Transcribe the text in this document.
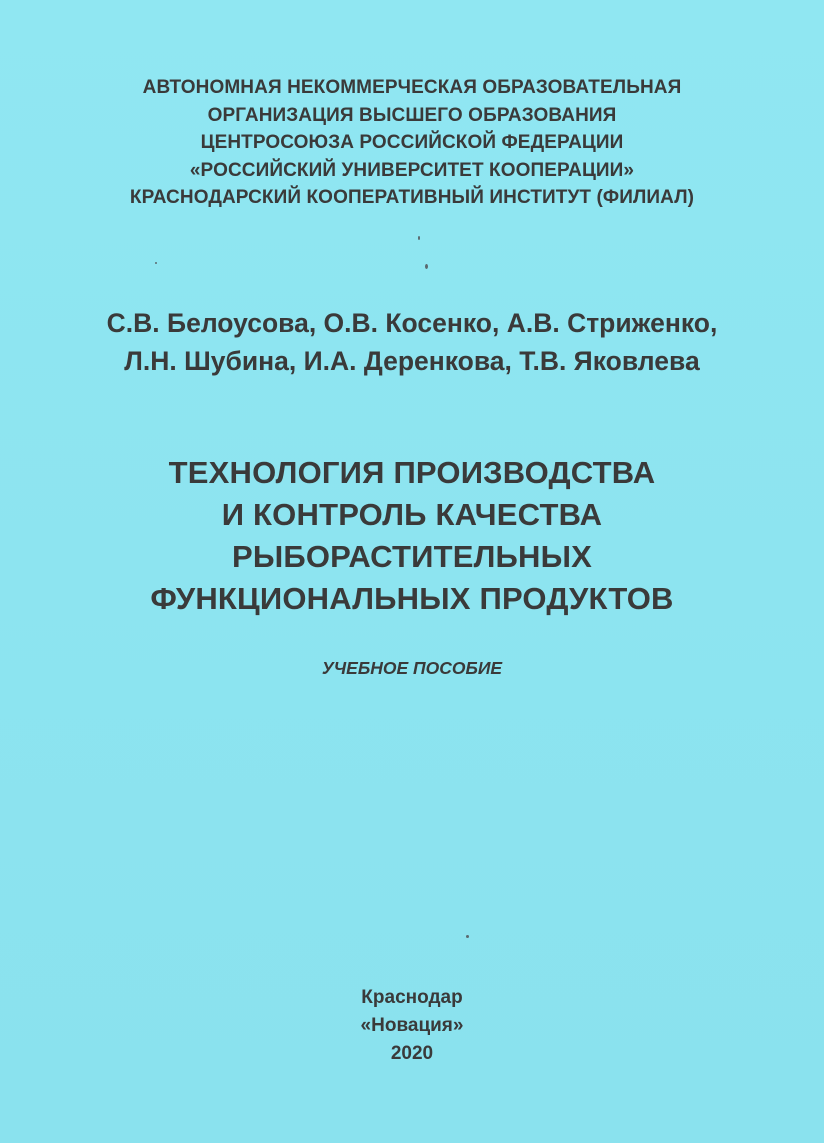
АВТОНОМНАЯ НЕКОММЕРЧЕСКАЯ ОБРАЗОВАТЕЛЬНАЯ
ОРГАНИЗАЦИЯ ВЫСШЕГО ОБРАЗОВАНИЯ
ЦЕНТРОСОЮЗА РОССИЙСКОЙ ФЕДЕРАЦИИ
«РОССИЙСКИЙ УНИВЕРСИТЕТ КООПЕРАЦИИ»
КРАСНОДАРСКИЙ КООПЕРАТИВНЫЙ ИНСТИТУТ (ФИЛИАЛ)
С.В. Белоусова, О.В. Косенко, А.В. Стриженко,
Л.Н. Шубина, И.А. Деренкова, Т.В. Яковлева
ТЕХНОЛОГИЯ ПРОИЗВОДСТВА
И КОНТРОЛЬ КАЧЕСТВА
РЫБОРАСТИТЕЛЬНЫХ
ФУНКЦИОНАЛЬНЫХ ПРОДУКТОВ
УЧЕБНОЕ ПОСОБИЕ
Краснодар
«Новация»
2020
